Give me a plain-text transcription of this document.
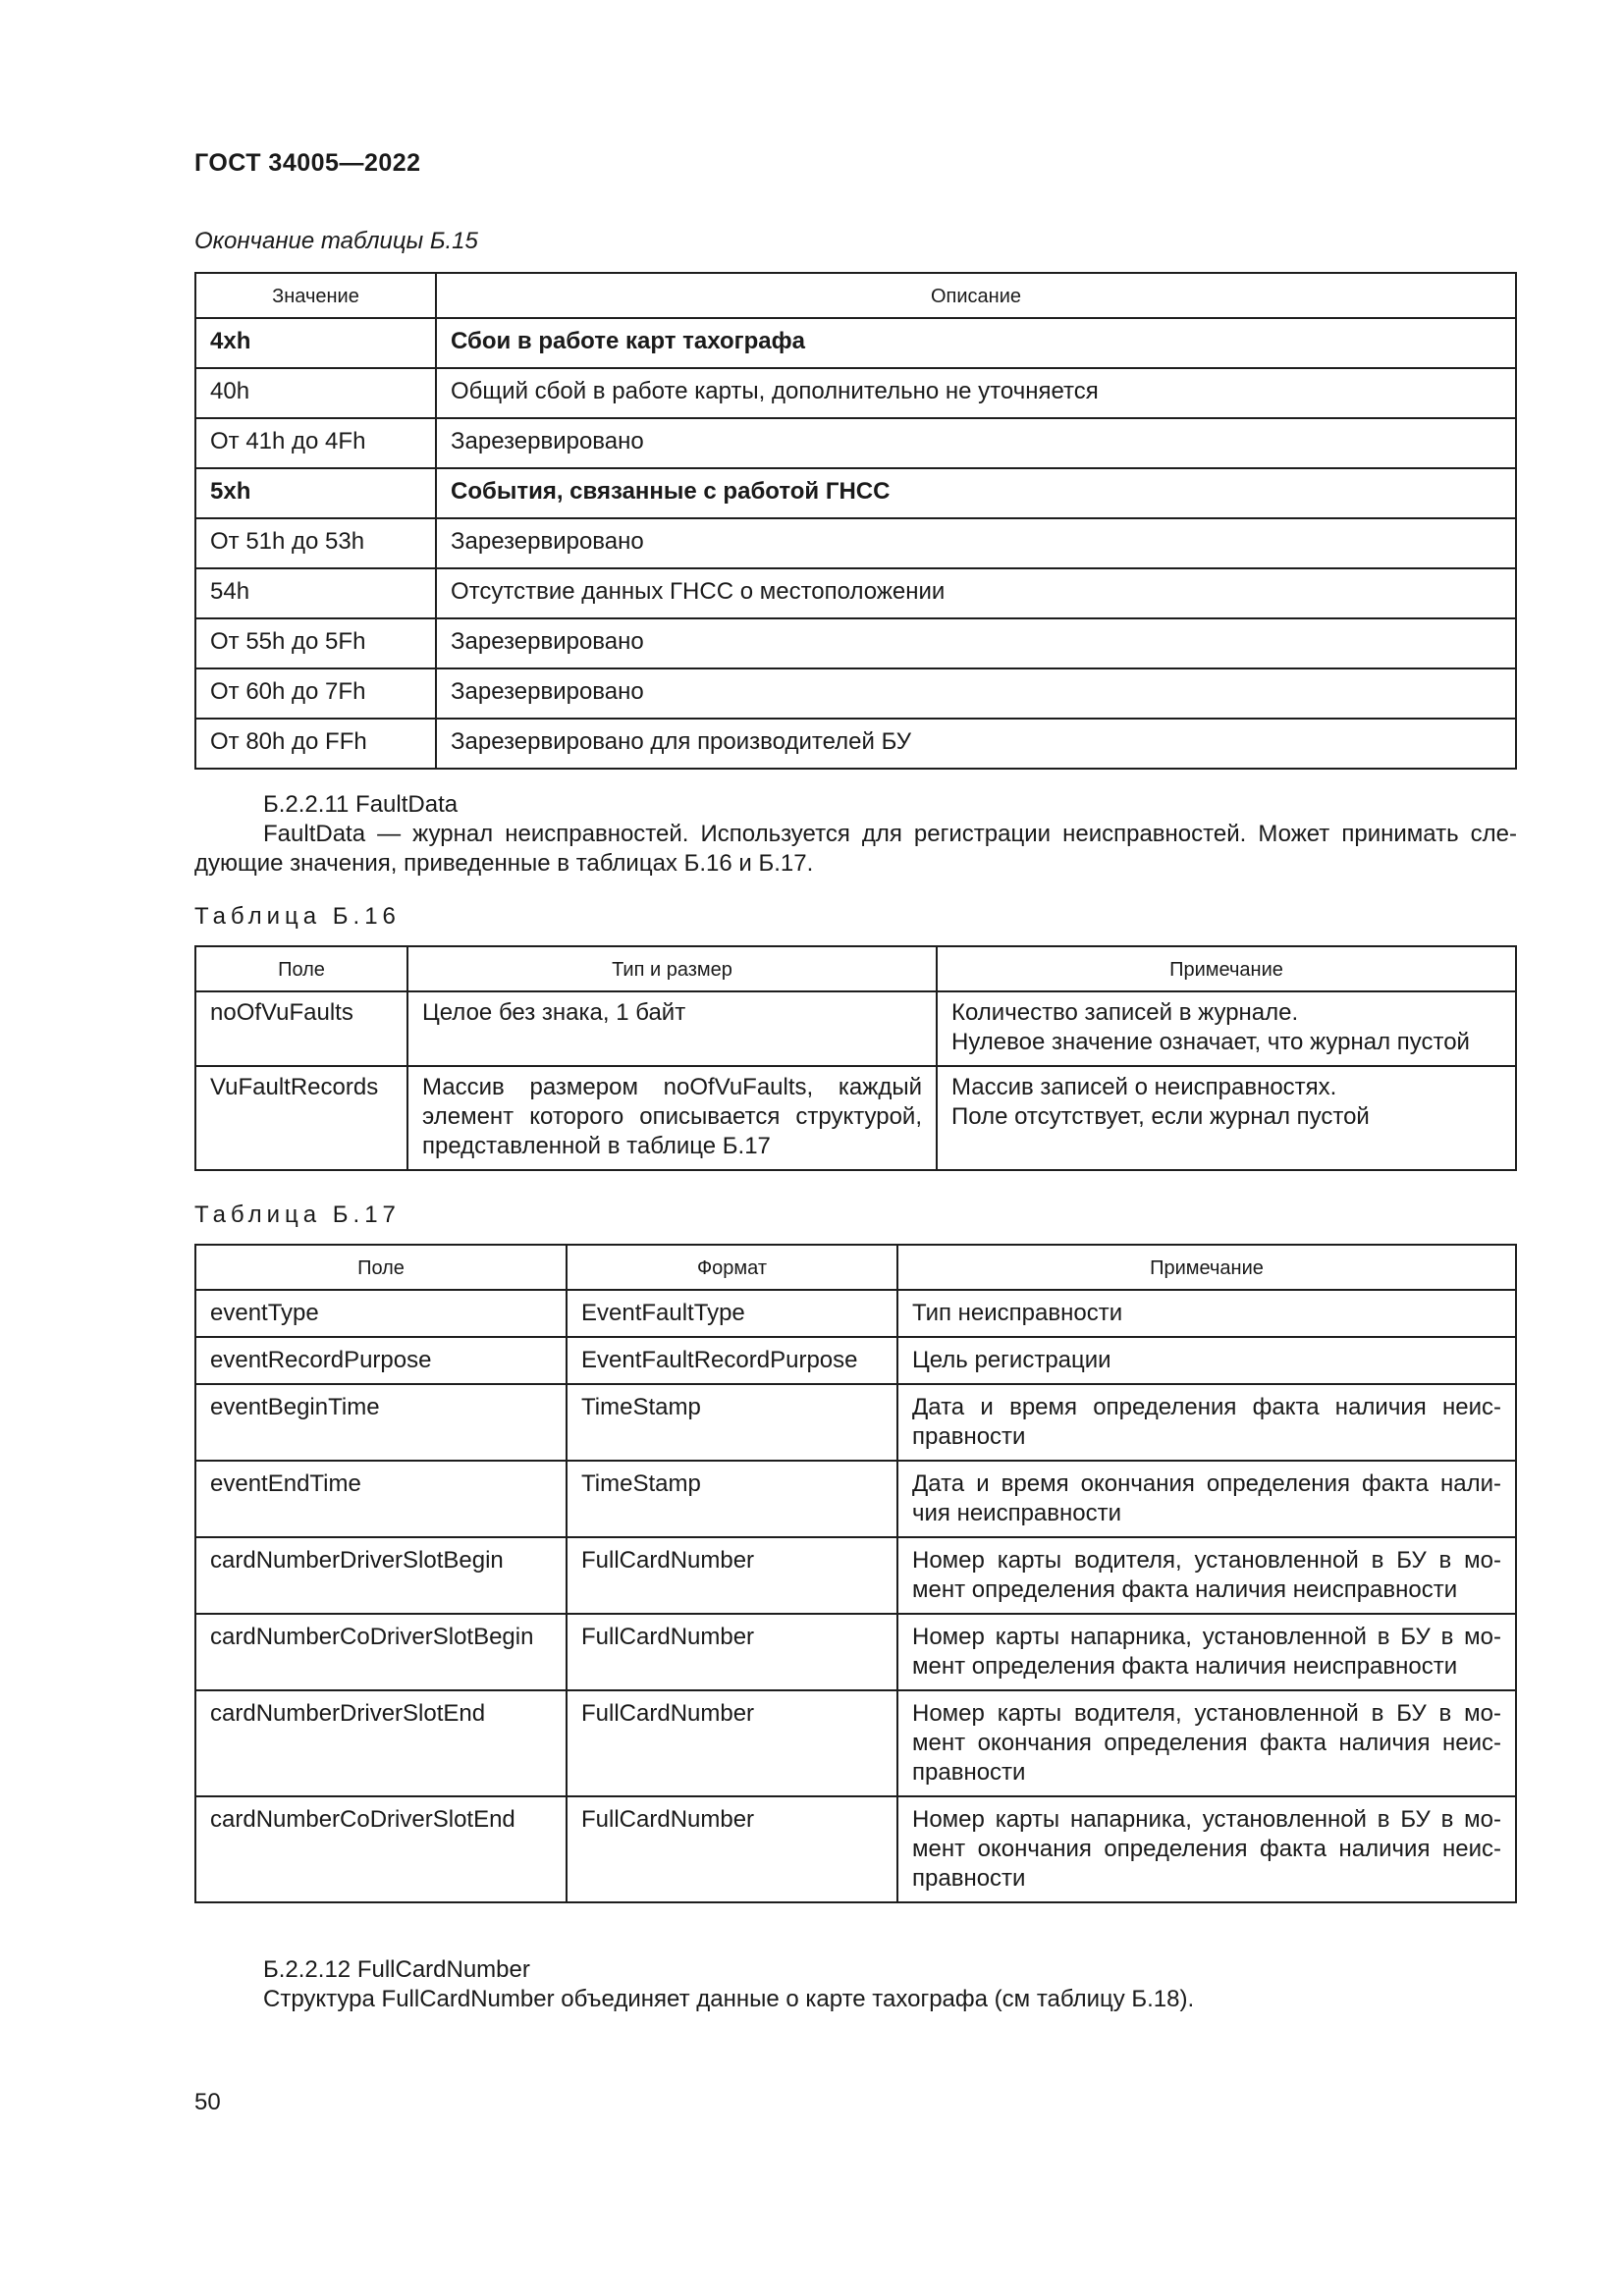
ГОСТ 34005—2022
Окончание таблицы Б.15
Значение	Описание
4xh	Сбои в работе карт тахографа
40h	Общий сбой в работе карты, дополнительно не уточняется
От 41h до 4Fh	Зарезервировано
5xh	События, связанные с работой ГНСС
От 51h до 53h	Зарезервировано
54h	Отсутствие данных ГНСС о местоположении
От 55h до 5Fh	Зарезервировано
От 60h до 7Fh	Зарезервировано
От 80h до FFh	Зарезервировано для производителей БУ
Б.2.2.11 FaultData
FaultData — журнал неисправностей. Используется для регистрации неисправностей. Может принимать сле-дующие значения, приведенные в таблицах Б.16 и Б.17.
Таблица Б.16
Поле	Тип и размер	Примечание
noOfVuFaults	Целое без знака, 1 байт	Количество записей в журнале.
Нулевое значение означает, что журнал пустой

VuFaultRecords	Массив размером noOfVuFaults, каждый элемент которого описывается структурой, представленной в таблице Б.17	Массив записей о неисправностях.
Поле отсутствует, если журнал пустой
Таблица Б.17
Поле	Формат	Примечание
eventType	EventFaultType	Тип неисправности
eventRecordPurpose	EventFaultRecordPurpose	Цель регистрации
eventBeginTime	TimeStamp	Дата и время определения факта наличия неис-правности
eventEndTime	TimeStamp	Дата и время окончания определения факта нали-чия неисправности
cardNumberDriverSlotBegin	FullCardNumber	Номер карты водителя, установленной в БУ в мо-мент определения факта наличия неисправности
cardNumberCoDriverSlotBegin	FullCardNumber	Номер карты напарника, установленной в БУ в мо-мент определения факта наличия неисправности
cardNumberDriverSlotEnd	FullCardNumber	Номер карты водителя, установленной в БУ в мо-мент окончания определения факта наличия неис-правности
cardNumberCoDriverSlotEnd	FullCardNumber	Номер карты напарника, установленной в БУ в мо-мент окончания определения факта наличия неис-правности
Б.2.2.12 FullCardNumber
Структура FullCardNumber объединяет данные о карте тахографа (см таблицу Б.18).
50
